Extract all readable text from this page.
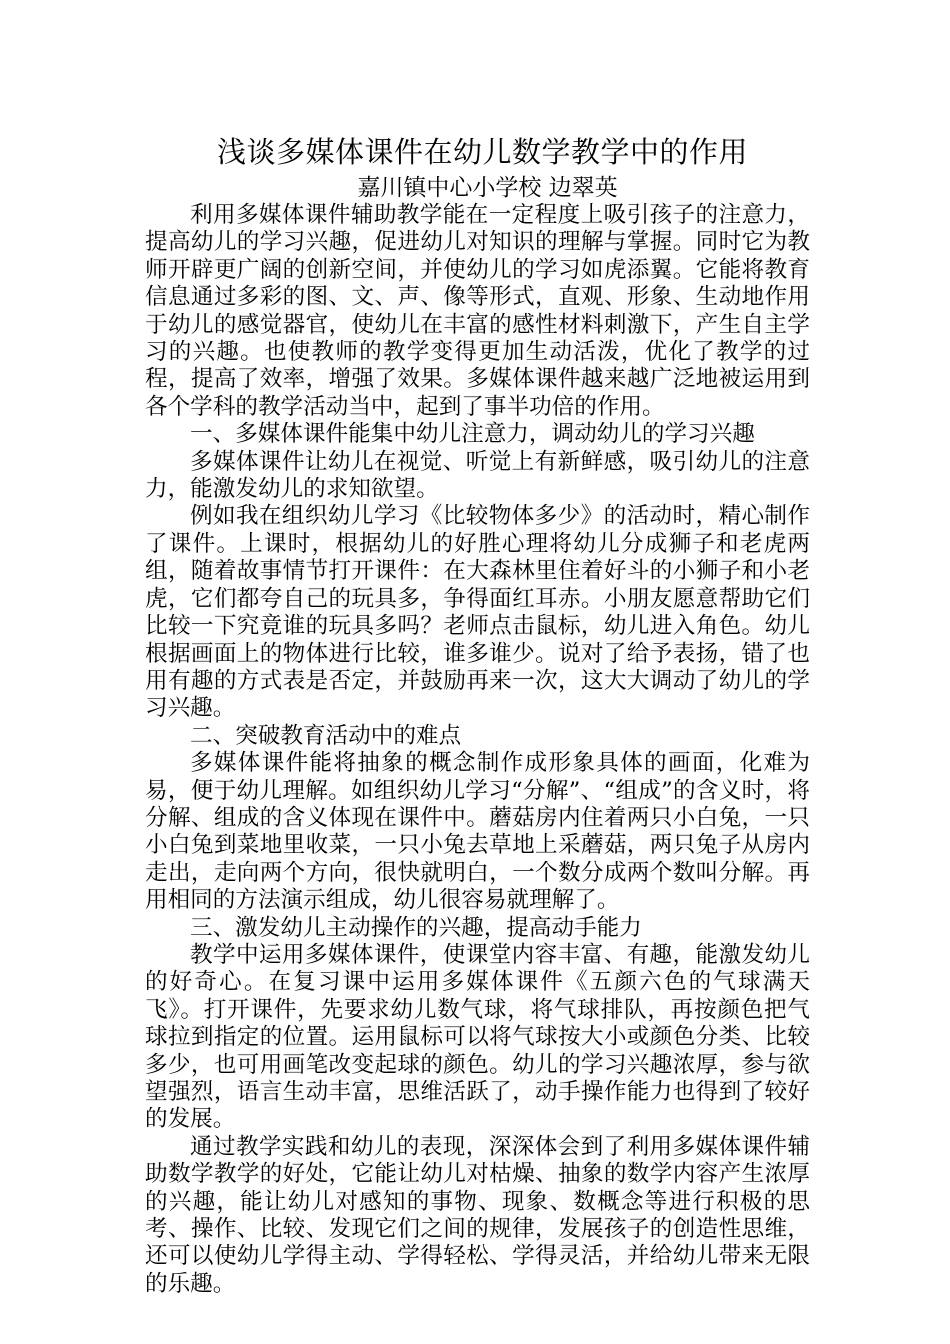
浅谈多媒体课件在幼儿数学教学中的作用

嘉川镇中心小学校 边翠英

利用多媒体课件辅助教学能在一定程度上吸引孩子的注意力，提高幼儿的学习兴趣，促进幼儿对知识的理解与掌握。同时它为教师开辟更广阔的创新空间，并使幼儿的学习如虎添翼。它能将教育信息通过多彩的图、文、声、像等形式，直观、形象、生动地作用于幼儿的感觉器官，使幼儿在丰富的感性材料刺激下，产生自主学习的兴趣。也使教师的教学变得更加生动活泼，优化了教学的过程，提高了效率，增强了效果。多媒体课件越来越广泛地被运用到各个学科的教学活动当中，起到了事半功倍的作用。

一、多媒体课件能集中幼儿注意力，调动幼儿的学习兴趣

多媒体课件让幼儿在视觉、听觉上有新鲜感，吸引幼儿的注意力，能激发幼儿的求知欲望。

例如我在组织幼儿学习《比较物体多少》的活动时，精心制作了课件。上课时，根据幼儿的好胜心理将幼儿分成狮子和老虎两组，随着故事情节打开课件：在大森林里住着好斗的小狮子和小老虎，它们都夸自己的玩具多，争得面红耳赤。小朋友愿意帮助它们比较一下究竟谁的玩具多吗？老师点击鼠标，幼儿进入角色。幼儿根据画面上的物体进行比较，谁多谁少。说对了给予表扬，错了也用有趣的方式表是否定，并鼓励再来一次，这大大调动了幼儿的学习兴趣。

二、突破教育活动中的难点

多媒体课件能将抽象的概念制作成形象具体的画面，化难为易，便于幼儿理解。如组织幼儿学习“分解”、“组成”的含义时，将分解、组成的含义体现在课件中。蘑菇房内住着两只小白兔，一只小白兔到菜地里收菜，一只小兔去草地上采蘑菇，两只兔子从房内走出，走向两个方向，很快就明白，一个数分成两个数叫分解。再用相同的方法演示组成，幼儿很容易就理解了。

三、激发幼儿主动操作的兴趣，提高动手能力

教学中运用多媒体课件，使课堂内容丰富、有趣，能激发幼儿的好奇心。在复习课中运用多媒体课件《五颜六色的气球满天飞》。打开课件，先要求幼儿数气球，将气球排队，再按颜色把气球拉到指定的位置。运用鼠标可以将气球按大小或颜色分类、比较多少，也可用画笔改变起球的颜色。幼儿的学习兴趣浓厚，参与欲望强烈，语言生动丰富，思维活跃了，动手操作能力也得到了较好的发展。

通过教学实践和幼儿的表现，深深体会到了利用多媒体课件辅助数学教学的好处，它能让幼儿对枯燥、抽象的数学内容产生浓厚的兴趣，能让幼儿对感知的事物、现象、数概念等进行积极的思考、操作、比较、发现它们之间的规律，发展孩子的创造性思维，还可以使幼儿学得主动、学得轻松、学得灵活，并给幼儿带来无限的乐趣。
